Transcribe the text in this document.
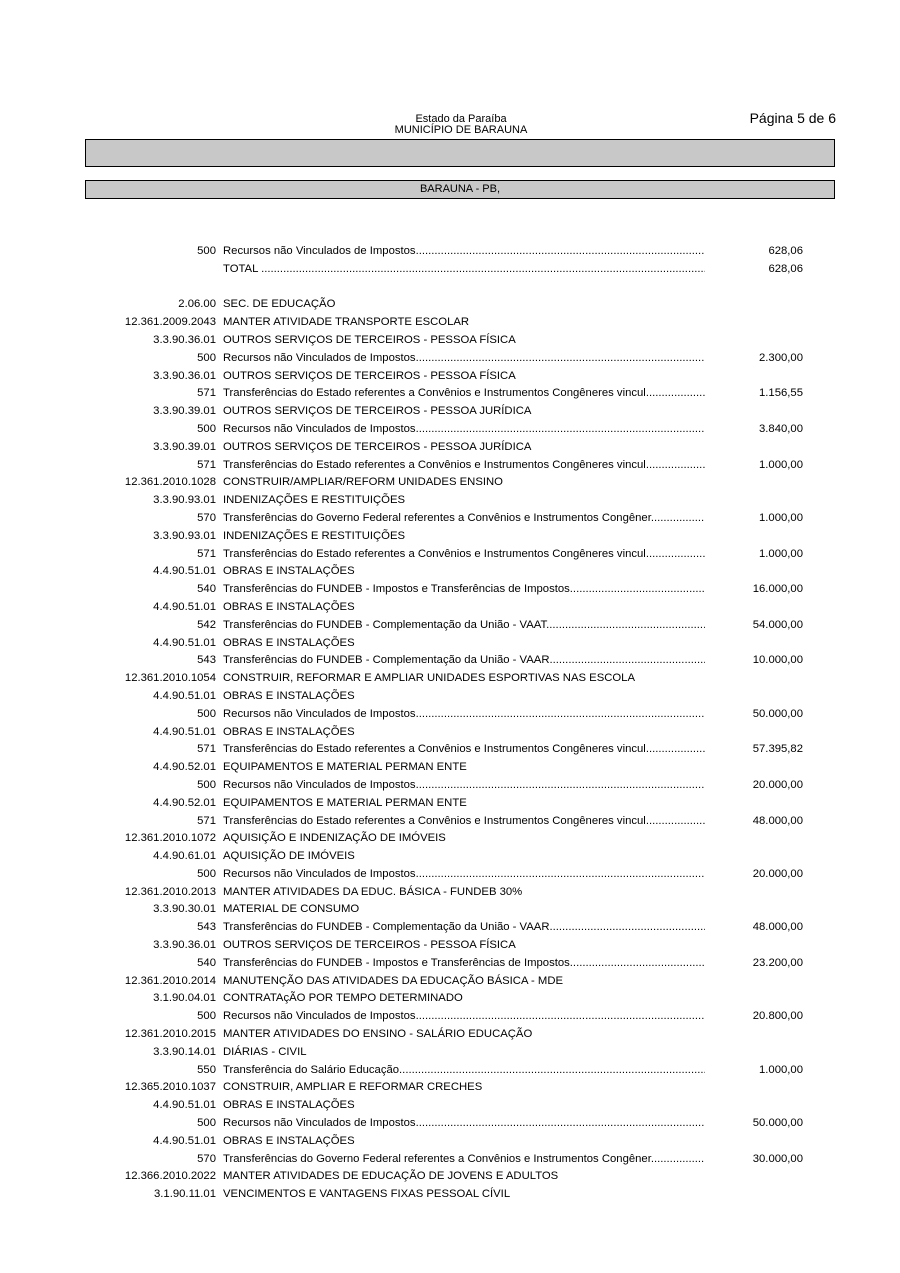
Estado da Paraíba
MUNICÍPIO DE BARAUNA
Página 5 de 6
BARAUNA - PB,
500 Recursos não Vinculados de Impostos .....	628,06
TOTAL .....	628,06
2.06.00 SEC. DE EDUCAÇÃO
12.361.2009.2043 MANTER ATIVIDADE TRANSPORTE ESCOLAR
3.3.90.36.01 OUTROS SERVIÇOS DE TERCEIROS - PESSOA FÍSICA
500 Recursos não Vinculados de Impostos .....	2.300,00
3.3.90.36.01 OUTROS SERVIÇOS DE TERCEIROS - PESSOA FÍSICA
571 Transferências do Estado referentes a Convênios e Instrumentos Congêneres vincul .....	1.156,55
3.3.90.39.01 OUTROS SERVIÇOS DE TERCEIROS - PESSOA JURÍDICA
500 Recursos não Vinculados de Impostos .....	3.840,00
3.3.90.39.01 OUTROS SERVIÇOS DE TERCEIROS - PESSOA JURÍDICA
571 Transferências do Estado referentes a Convênios e Instrumentos Congêneres vincul .....	1.000,00
12.361.2010.1028 CONSTRUIR/AMPLIAR/REFORM UNIDADES ENSINO
3.3.90.93.01 INDENIZAÇÕES E RESTITUIÇÕES
570 Transferências do Governo Federal referentes a Convênios e Instrumentos Congêner .....	1.000,00
3.3.90.93.01 INDENIZAÇÕES E RESTITUIÇÕES
571 Transferências do Estado referentes a Convênios e Instrumentos Congêneres vincul .....	1.000,00
4.4.90.51.01 OBRAS E INSTALAÇÕES
540 Transferências do FUNDEB - Impostos e Transferências de Impostos .....	16.000,00
4.4.90.51.01 OBRAS E INSTALAÇÕES
542 Transferências do FUNDEB - Complementação da União - VAAT .....	54.000,00
4.4.90.51.01 OBRAS E INSTALAÇÕES
543 Transferências do FUNDEB - Complementação da União - VAAR .....	10.000,00
12.361.2010.1054 CONSTRUIR, REFORMAR E AMPLIAR UNIDADES ESPORTIVAS NAS ESCOLA
4.4.90.51.01 OBRAS E INSTALAÇÕES
500 Recursos não Vinculados de Impostos .....	50.000,00
4.4.90.51.01 OBRAS E INSTALAÇÕES
571 Transferências do Estado referentes a Convênios e Instrumentos Congêneres vincul .....	57.395,82
4.4.90.52.01 EQUIPAMENTOS E MATERIAL PERMAN ENTE
500 Recursos não Vinculados de Impostos .....	20.000,00
4.4.90.52.01 EQUIPAMENTOS E MATERIAL PERMAN ENTE
571 Transferências do Estado referentes a Convênios e Instrumentos Congêneres vincul .....	48.000,00
12.361.2010.1072 AQUISIÇÃO E INDENIZAÇÃO DE IMÓVEIS
4.4.90.61.01 AQUISIÇÃO DE IMÓVEIS
500 Recursos não Vinculados de Impostos .....	20.000,00
12.361.2010.2013 MANTER ATIVIDADES DA EDUC. BÁSICA - FUNDEB 30%
3.3.90.30.01 MATERIAL DE CONSUMO
543 Transferências do FUNDEB - Complementação da União - VAAR .....	48.000,00
3.3.90.36.01 OUTROS SERVIÇOS DE TERCEIROS - PESSOA FÍSICA
540 Transferências do FUNDEB - Impostos e Transferências de Impostos .....	23.200,00
12.361.2010.2014 MANUTENÇÃO DAS ATIVIDADES DA EDUCAÇÃO BÁSICA - MDE
3.1.90.04.01 CONTRATAçÃO POR TEMPO DETERMINADO
500 Recursos não Vinculados de Impostos .....	20.800,00
12.361.2010.2015 MANTER ATIVIDADES DO ENSINO - SALÁRIO EDUCAÇÃO
3.3.90.14.01 DIÁRIAS - CIVIL
550 Transferência do Salário Educação .....	1.000,00
12.365.2010.1037 CONSTRUIR, AMPLIAR E REFORMAR CRECHES
4.4.90.51.01 OBRAS E INSTALAÇÕES
500 Recursos não Vinculados de Impostos .....	50.000,00
4.4.90.51.01 OBRAS E INSTALAÇÕES
570 Transferências do Governo Federal referentes a Convênios e Instrumentos Congêner .....	30.000,00
12.366.2010.2022 MANTER ATIVIDADES DE EDUCAÇÃO DE JOVENS E ADULTOS
3.1.90.11.01 VENCIMENTOS E VANTAGENS FIXAS PESSOAL CÍVIL
